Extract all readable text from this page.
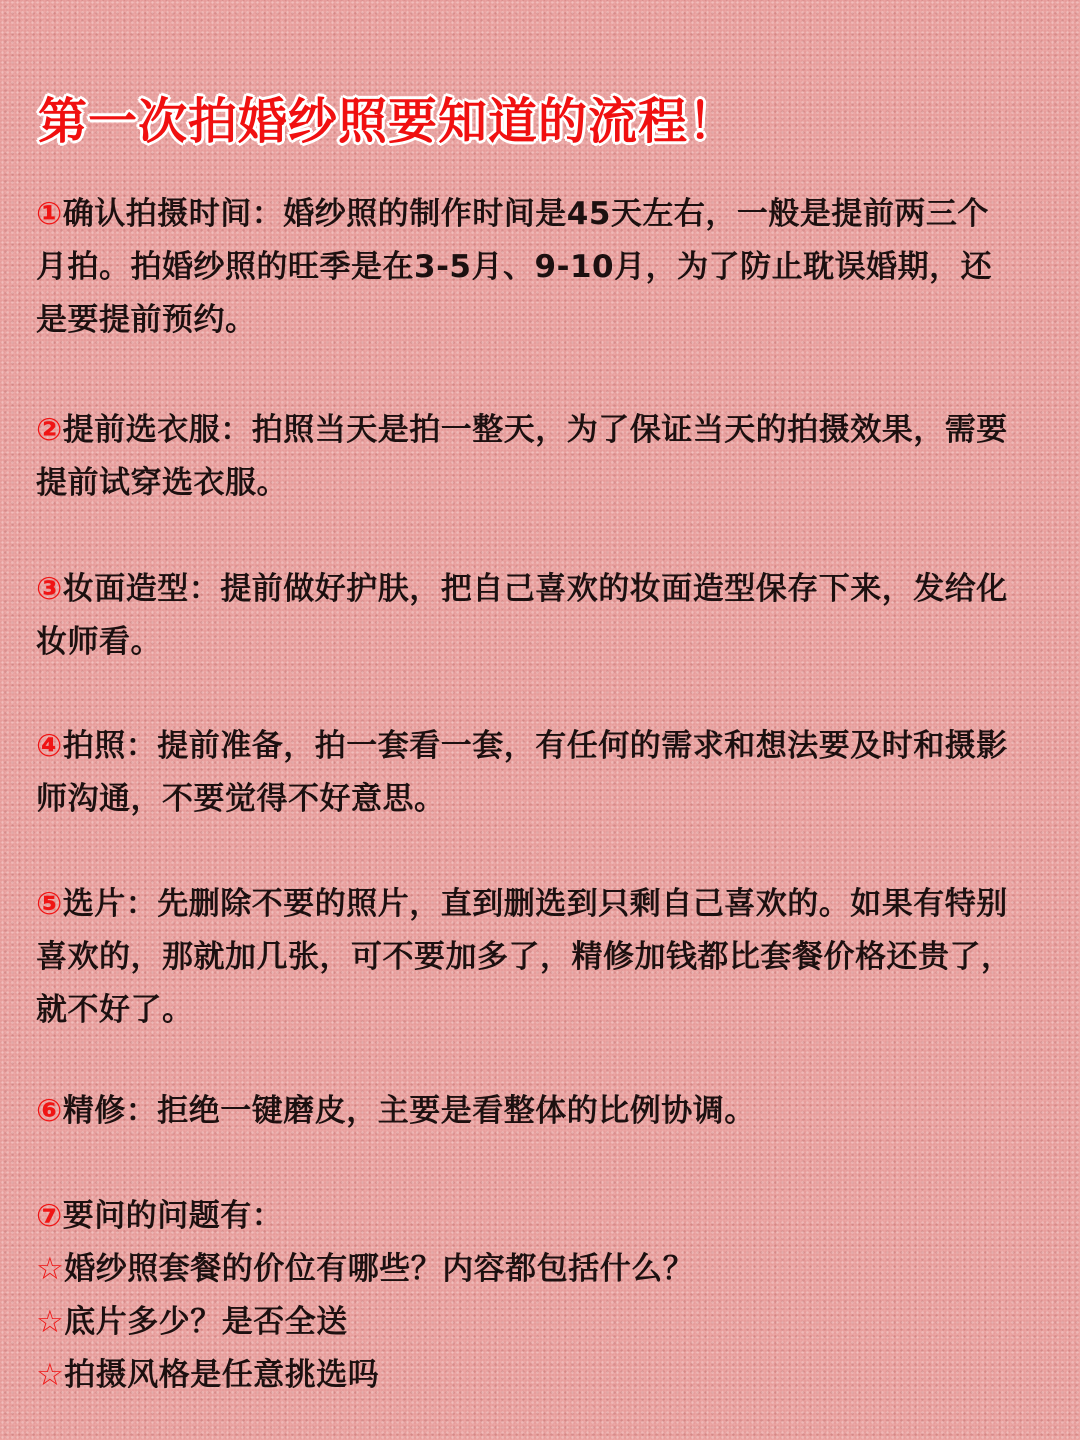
第一次拍婚纱照要知道的流程！
①确认拍摄时间：婚纱照的制作时间是45天左右，一般是提前两三个月拍。拍婚纱照的旺季是在3-5月、9-10月，为了防止耽误婚期，还是要提前预约。
②提前选衣服：拍照当天是拍一整天，为了保证当天的拍摄效果，需要提前试穿选衣服。
③妆面造型：提前做好护肤，把自己喜欢的妆面造型保存下来，发给化妆师看。
④拍照：提前准备，拍一套看一套，有任何的需求和想法要及时和摄影师沟通，不要觉得不好意思。
⑤选片：先删除不要的照片，直到删选到只剩自己喜欢的。如果有特别喜欢的，那就加几张，可不要加多了，精修加钱都比套餐价格还贵了，就不好了。
⑥精修：拒绝一键磨皮，主要是看整体的比例协调。
⑦要问的问题有：
☆婚纱照套餐的价位有哪些？内容都包括什么？
☆底片多少？是否全送
☆拍摄风格是任意挑选吗
